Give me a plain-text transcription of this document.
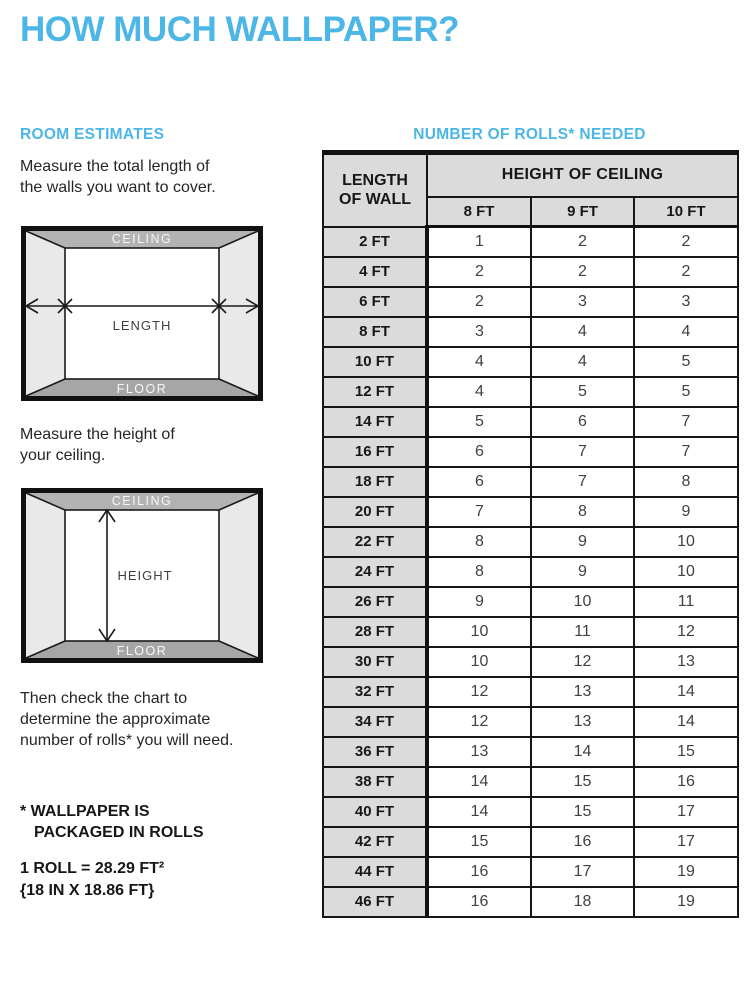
HOW MUCH WALLPAPER?
ROOM ESTIMATES	NUMBER OF ROLLS* NEEDED
Measure the total length of
the walls you want to cover.
CEILING
FLOOR
LENGTH
Measure the height of
your ceiling.
CEILING
FLOOR
HEIGHT
Then check the chart to
determine the approximate
number of rolls* you will need.
* WALLPAPER IS
PACKAGED IN ROLLS
1 ROLL = 28.29 FT²
{18 IN X 18.86 FT}
LENGTH
OF WALL	HEIGHT OF CEILING		
	8 FT	9 FT	10 FT
2 FT	1	2	2
4 FT	2	2	2
6 FT	2	3	3
8 FT	3	4	4
10 FT	4	4	5
12 FT	4	5	5
14 FT	5	6	7
16 FT	6	7	7
18 FT	6	7	8
20 FT	7	8	9
22 FT	8	9	10
24 FT	8	9	10
26 FT	9	10	11
28 FT	10	11	12
30 FT	10	12	13
32 FT	12	13	14
34 FT	12	13	14
36 FT	13	14	15
38 FT	14	15	16
40 FT	14	15	17
42 FT	15	16	17
44 FT	16	17	19
46 FT	16	18	19
